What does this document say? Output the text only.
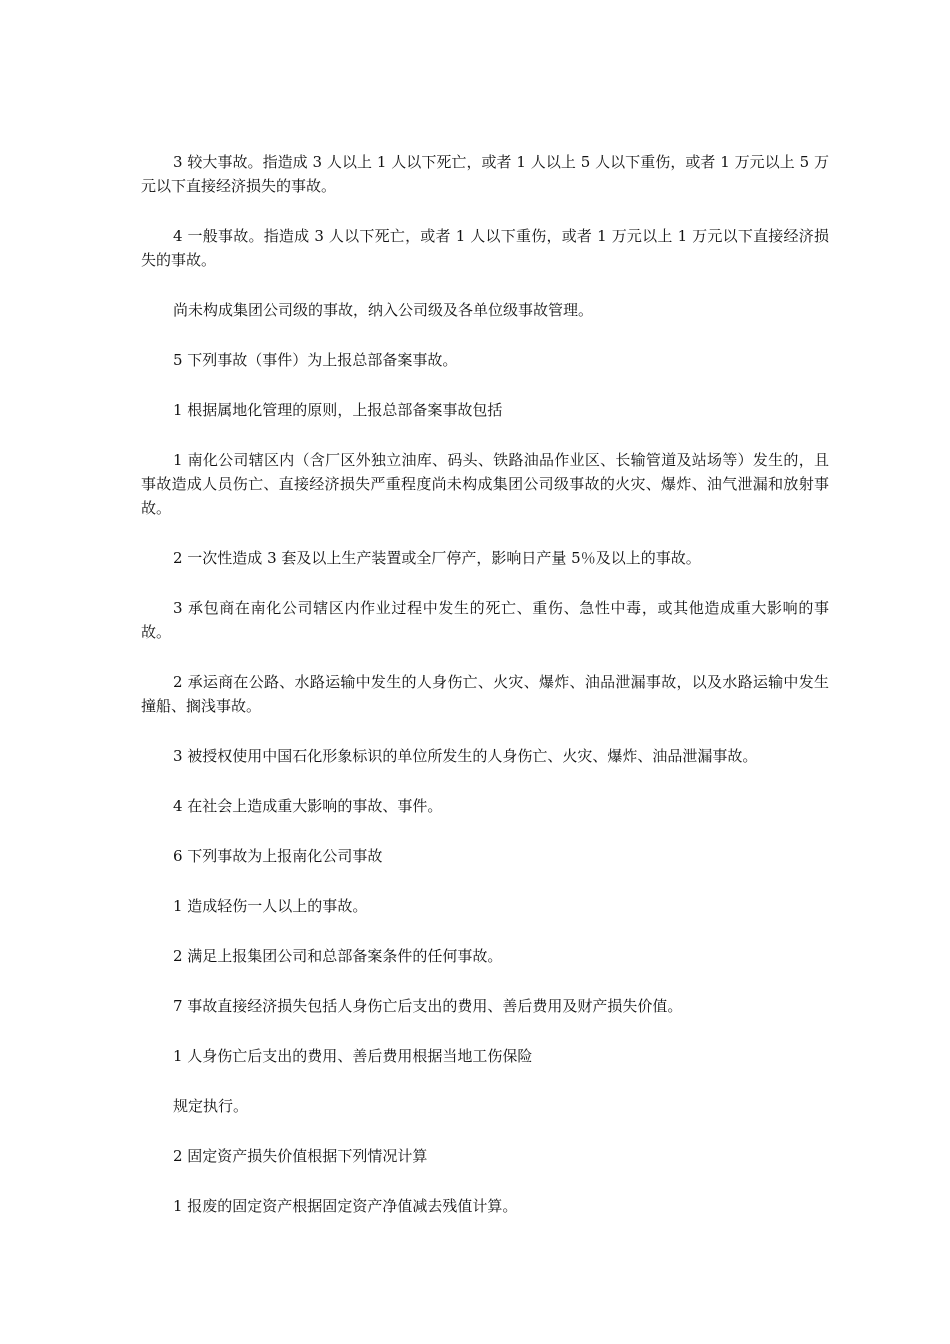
3 较大事故。指造成 3 人以上 1 人以下死亡，或者 1 人以上 5 人以下重伤，或者 1 万元以上 5 万元以下直接经济损失的事故。

4 一般事故。指造成 3 人以下死亡，或者 1 人以下重伤，或者 1 万元以上 1 万元以下直接经济损失的事故。

尚未构成集团公司级的事故，纳入公司级及各单位级事故管理。

5 下列事故（事件）为上报总部备案事故。

1 根据属地化管理的原则，上报总部备案事故包括

1 南化公司辖区内（含厂区外独立油库、码头、铁路油品作业区、长输管道及站场等）发生的，且事故造成人员伤亡、直接经济损失严重程度尚未构成集团公司级事故的火灾、爆炸、油气泄漏和放射事故。

2 一次性造成 3 套及以上生产装置或全厂停产，影响日产量 5％及以上的事故。

3 承包商在南化公司辖区内作业过程中发生的死亡、重伤、急性中毒，或其他造成重大影响的事故。

2 承运商在公路、水路运输中发生的人身伤亡、火灾、爆炸、油品泄漏事故，以及水路运输中发生撞船、搁浅事故。

3 被授权使用中国石化形象标识的单位所发生的人身伤亡、火灾、爆炸、油品泄漏事故。

4 在社会上造成重大影响的事故、事件。

6 下列事故为上报南化公司事故

1 造成轻伤一人以上的事故。

2 满足上报集团公司和总部备案条件的任何事故。

7 事故直接经济损失包括人身伤亡后支出的费用、善后费用及财产损失价值。

1 人身伤亡后支出的费用、善后费用根据当地工伤保险

规定执行。

2 固定资产损失价值根据下列情况计算

1 报废的固定资产根据固定资产净值减去残值计算。
